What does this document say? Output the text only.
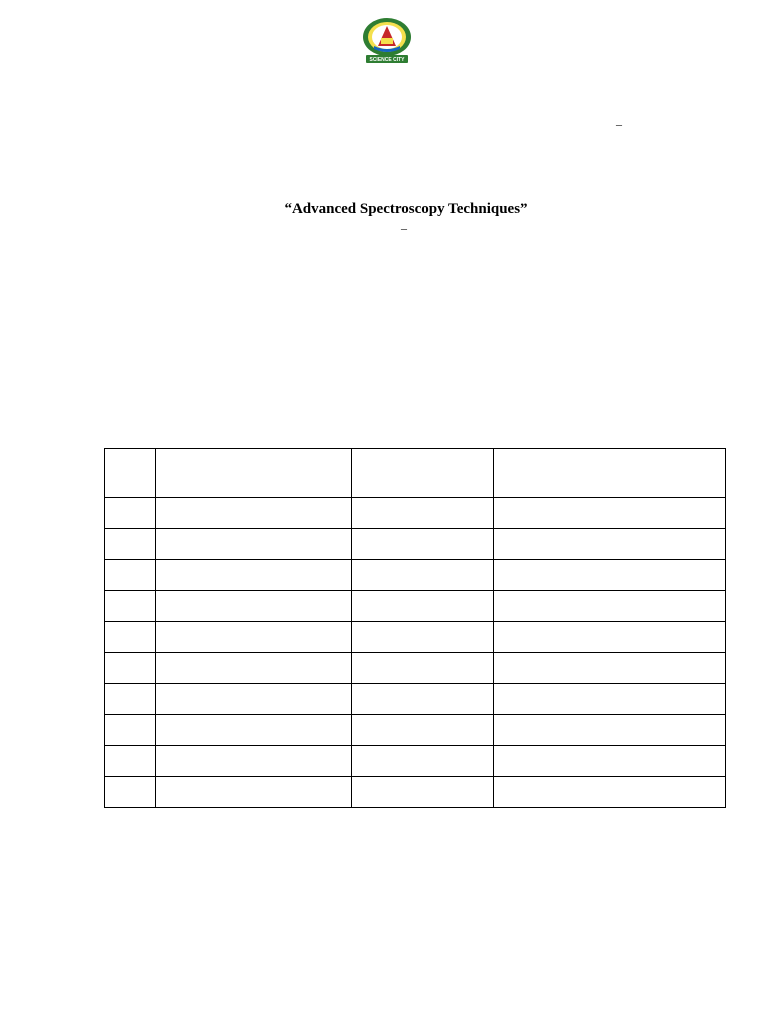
SCIENCE CITY
–
“Advanced Spectroscopy Techniques”
–
